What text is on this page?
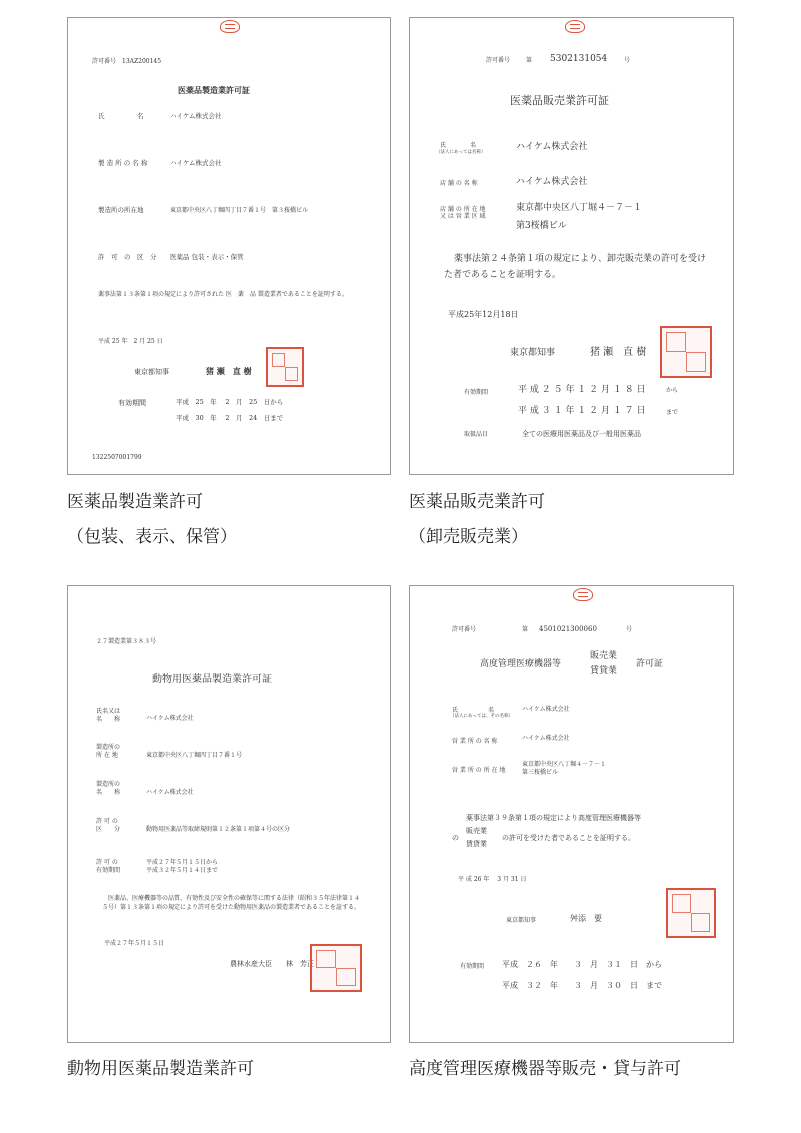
許可番号　13AZ200145
医薬品製造業許可証
氏　　　　　名	ハイケム株式会社
製 造 所 の 名 称	ハイケム株式会社
製造所の所在地	東京都中央区八丁堀四丁目７番１号　第３桜橋ビル
許　可　の　区　分 医薬品 包装・表示・保管
薬事法第１３条第１項の規定により許可された 医　薬　品 製造業者であることを証明する。
平成 25 年　2 月 25 日
東京都知事	猪 瀬　直 樹
有効期間	平成　25　年　 2　月　25　日から
平成　30　年　 2　月　24　日まで
1322507001799
許可番号	第 5302131054	号
医薬品販売業許可証
氏　　　　名
（法人にあっては名称）
ハイケム株式会社
店 舗 の 名 称	ハイケム株式会社
店 舗 の 所 在 地
又 は 営 業 区 域
東京都中央区八丁堀４－７－１
第3桜橋ビル
薬事法第２４条第１項の規定により、卸売販売業の許可を受けた者であることを証明する。
平成25年12月18日
東京都知事	猪 瀬　直 樹
有効期間	平 成 ２ ５ 年 １ ２ 月 １ ８ 日	から
平 成 ３ １ 年 １ ２ 月 １ ７ 日	まで
取扱品目	全ての医療用医薬品及び一般用医薬品
２７製造業第３８３号
動物用医薬品製造業許可証
氏名又は
名　　称	ハイケム株式会社
製造所の
所 在 地	東京都中央区八丁堀四丁目７番１号
製造所の
名　　称	ハイケム株式会社
許 可 の
区　　分	動物用医薬品等取締規則第１２条第１項第４号の区分
許 可 の
有効期間
平成２７年５月１５日から
平成３２年５月１４日まで
医薬品、医療機器等の品質、有効性及び安全性の確保等に関する法律（昭和３５年法律第１４５号）第１３条第１項の規定により許可を受けた動物用医薬品の製造業者であることを証する。
平成２７年５月１５日
農林水産大臣　　林　芳正
許可番号	第 4501021300060	号
高度管理医療機器等
販売業
賃貸業
許可証
氏　　　　　名
（法人にあっては、その名称）
ハイケム株式会社
営 業 所 の 名 称	ハイケム株式会社
営 業 所 の 所 在 地
東京都中央区八丁堀４－７－１
第三桜橋ビル
薬事法第３９条第１項の規定により高度管理医療機器等
の
販売業
賃貸業
の許可を受けた者であることを証明する。
平 成 26 年　 3 月 31 日
東京都知事	舛添　要
有効期間 平成　２６　年　　３　月　３１　日　から
平成　３２　年　　３　月　３０　日　まで
医薬品製造業許可
（包装、表示、保管）
医薬品販売業許可
（卸売販売業）
動物用医薬品製造業許可	高度管理医療機器等販売・貸与許可
